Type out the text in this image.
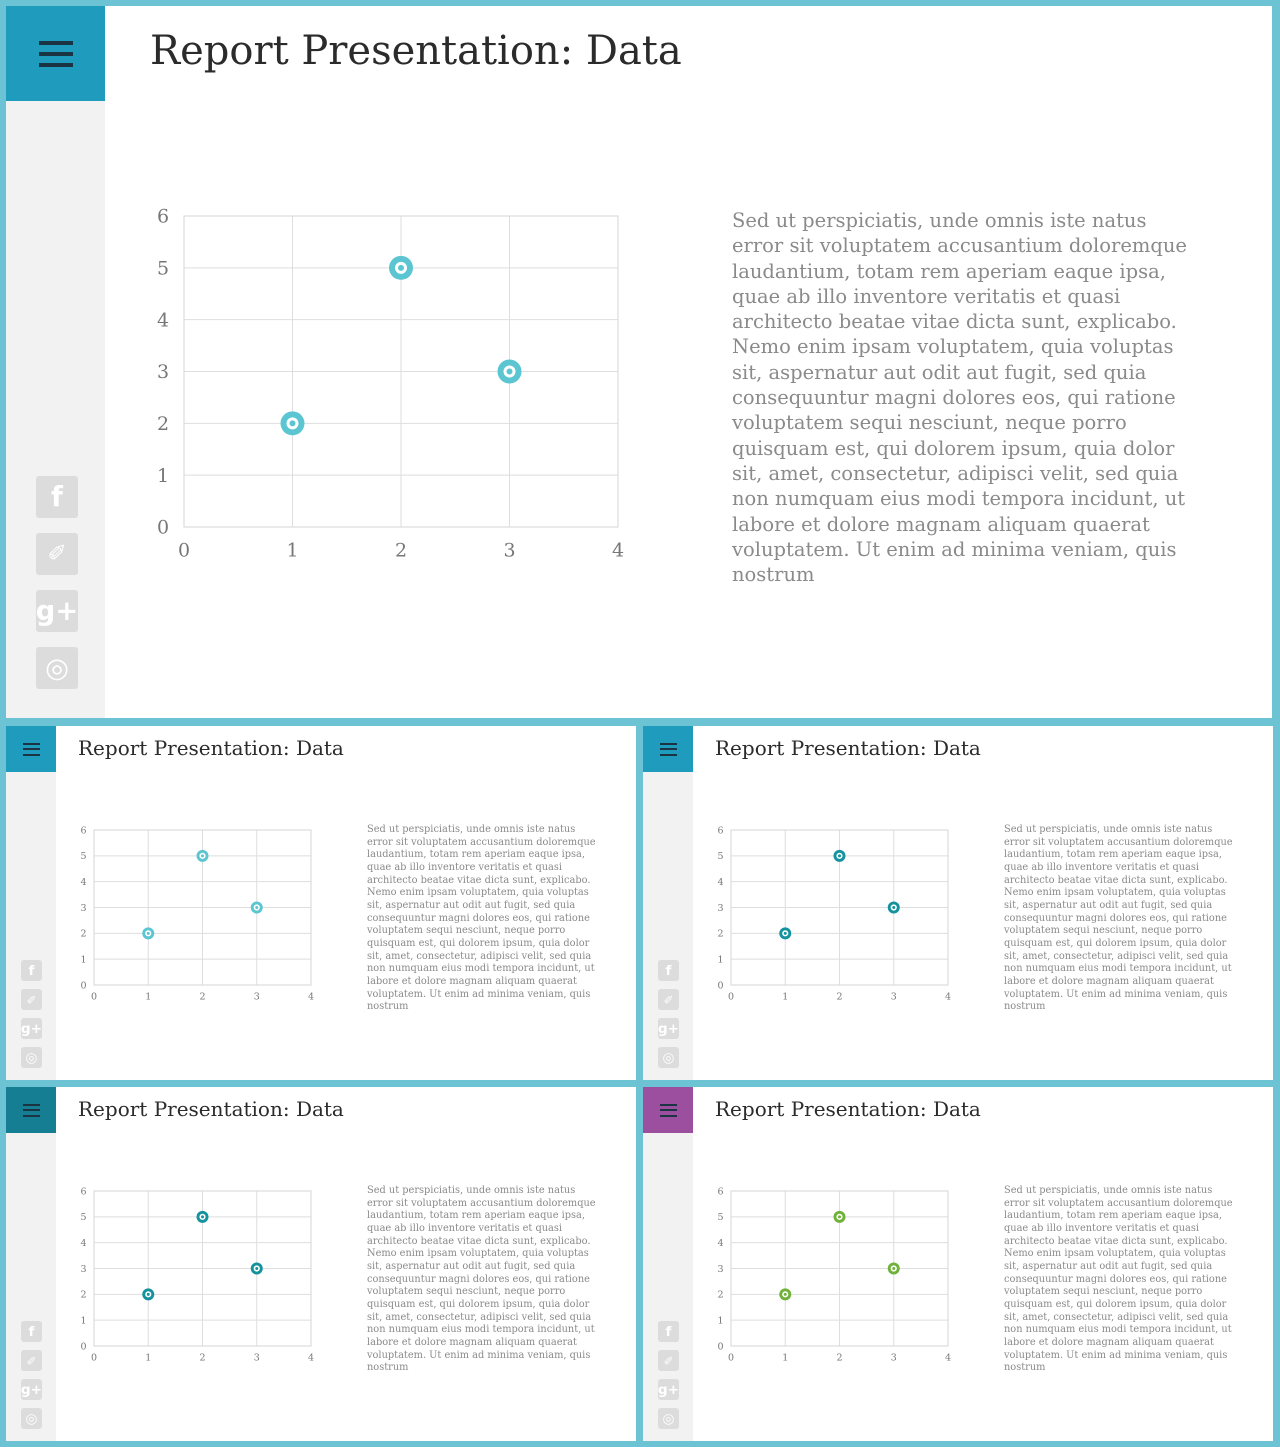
Report Presentation: Data
0
1
2
3
4
5
6
0	1	2	3	4
Sed ut perspiciatis, unde omnis iste natus error sit voluptatem accusantium doloremque laudantium, totam rem aperiam eaque ipsa, quae ab illo inventore veritatis et quasi architecto beatae vitae dicta sunt, explicabo. Nemo enim ipsam voluptatem, quia voluptas sit, aspernatur aut odit aut fugit, sed quia consequuntur magni dolores eos, qui ratione voluptatem sequi nesciunt, neque porro quisquam est, qui dolorem ipsum, quia dolor sit, amet, consectetur, adipisci velit, sed quia non numquam eius modi tempora incidunt, ut labore et dolore magnam aliquam quaerat voluptatem. Ut enim ad minima veniam, quis nostrum
f
✐
g+
◎
Report Presentation: Data
0
1
2
3
4
5
6
0	1	2	3	4
Sed ut perspiciatis, unde omnis iste natus error sit voluptatem accusantium doloremque laudantium, totam rem aperiam eaque ipsa, quae ab illo inventore veritatis et quasi architecto beatae vitae dicta sunt, explicabo. Nemo enim ipsam voluptatem, quia voluptas sit, aspernatur aut odit aut fugit, sed quia consequuntur magni dolores eos, qui ratione voluptatem sequi nesciunt, neque porro quisquam est, qui dolorem ipsum, quia dolor sit, amet, consectetur, adipisci velit, sed quia non numquam eius modi tempora incidunt, ut labore et dolore magnam aliquam quaerat voluptatem. Ut enim ad minima veniam, quis nostrum
f
✐
g+
◎
Report Presentation: Data
0
1
2
3
4
5
6
0	1	2	3	4
Sed ut perspiciatis, unde omnis iste natus error sit voluptatem accusantium doloremque laudantium, totam rem aperiam eaque ipsa, quae ab illo inventore veritatis et quasi architecto beatae vitae dicta sunt, explicabo. Nemo enim ipsam voluptatem, quia voluptas sit, aspernatur aut odit aut fugit, sed quia consequuntur magni dolores eos, qui ratione voluptatem sequi nesciunt, neque porro quisquam est, qui dolorem ipsum, quia dolor sit, amet, consectetur, adipisci velit, sed quia non numquam eius modi tempora incidunt, ut labore et dolore magnam aliquam quaerat voluptatem. Ut enim ad minima veniam, quis nostrum
f
✐
g+
◎
Report Presentation: Data
0
1
2
3
4
5
6
0	1	2	3	4
Sed ut perspiciatis, unde omnis iste natus error sit voluptatem accusantium doloremque laudantium, totam rem aperiam eaque ipsa, quae ab illo inventore veritatis et quasi architecto beatae vitae dicta sunt, explicabo. Nemo enim ipsam voluptatem, quia voluptas sit, aspernatur aut odit aut fugit, sed quia consequuntur magni dolores eos, qui ratione voluptatem sequi nesciunt, neque porro quisquam est, qui dolorem ipsum, quia dolor sit, amet, consectetur, adipisci velit, sed quia non numquam eius modi tempora incidunt, ut labore et dolore magnam aliquam quaerat voluptatem. Ut enim ad minima veniam, quis nostrum
f
✐
g+
◎
Report Presentation: Data
0
1
2
3
4
5
6
0	1	2	3	4
Sed ut perspiciatis, unde omnis iste natus error sit voluptatem accusantium doloremque laudantium, totam rem aperiam eaque ipsa, quae ab illo inventore veritatis et quasi architecto beatae vitae dicta sunt, explicabo. Nemo enim ipsam voluptatem, quia voluptas sit, aspernatur aut odit aut fugit, sed quia consequuntur magni dolores eos, qui ratione voluptatem sequi nesciunt, neque porro quisquam est, qui dolorem ipsum, quia dolor sit, amet, consectetur, adipisci velit, sed quia non numquam eius modi tempora incidunt, ut labore et dolore magnam aliquam quaerat voluptatem. Ut enim ad minima veniam, quis nostrum
f
✐
g+
◎
